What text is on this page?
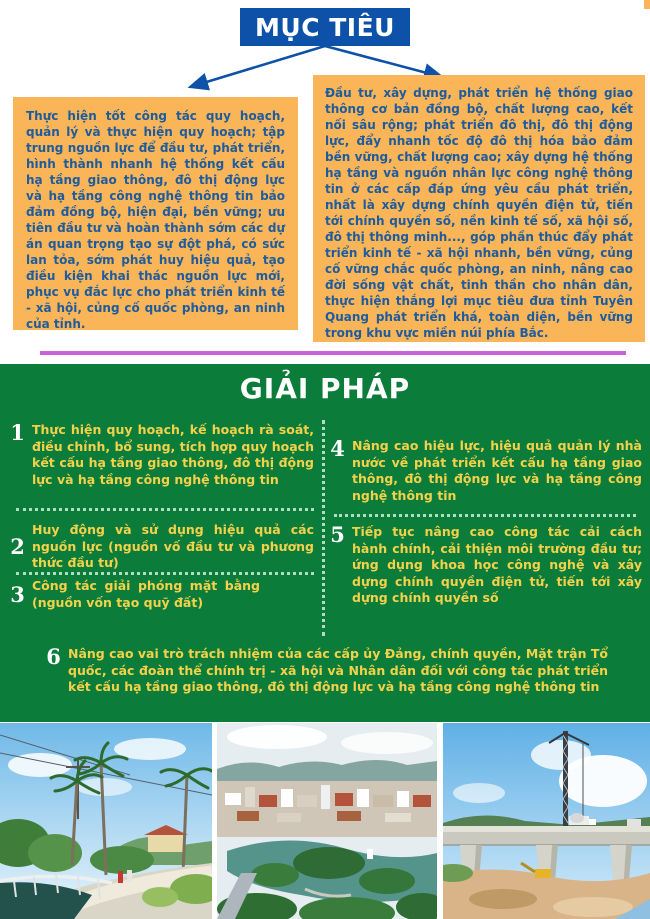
MỤC TIÊU

Thực hiện tốt công tác quy hoạch, quản lý và thực hiện quy hoạch; tập trung nguồn lực để đầu tư, phát triển, hình thành nhanh hệ thống kết cấu hạ tầng giao thông, đô thị động lực và hạ tầng công nghệ thông tin bảo đảm đồng bộ, hiện đại, bền vững; ưu tiên đầu tư và hoàn thành sớm các dự án quan trọng tạo sự đột phá, có sức lan tỏa, sớm phát huy hiệu quả, tạo điều kiện khai thác nguồn lực mới, phục vụ đắc lực cho phát triển kinh tế - xã hội, củng cố quốc phòng, an ninh của tỉnh.

Đầu tư, xây dựng, phát triển hệ thống giao thông cơ bản đồng bộ, chất lượng cao, kết nối sâu rộng; phát triển đô thị, đô thị động lực, đẩy nhanh tốc độ đô thị hóa bảo đảm bền vững, chất lượng cao; xây dựng hệ thống hạ tầng và nguồn nhân lực công nghệ thông tin ở các cấp đáp ứng yêu cầu phát triển, nhất là xây dựng chính quyền điện tử, tiến tới chính quyền số, nền kinh tế số, xã hội số, đô thị thông minh..., góp phần thúc đẩy phát triển kinh tế - xã hội nhanh, bền vững, củng cố vững chắc quốc phòng, an ninh, nâng cao đời sống vật chất, tinh thần cho nhân dân, thực hiện thắng lợi mục tiêu đưa tỉnh Tuyên Quang phát triển khá, toàn diện, bền vững trong khu vực miền núi phía Bắc.

GIẢI PHÁP
1 Thực hiện quy hoạch, kế hoạch rà soát, điều chỉnh, bổ sung, tích hợp quy hoạch kết cấu hạ tầng giao thông, đô thị động lực và hạ tầng công nghệ thông tin

2

Huy động và sử dụng hiệu quả các nguồn lực (nguồn vố đầu tư và phương thức đầu tư)

3 Công tác giải phóng mặt bằng (nguồn vốn tạo quỹ đất)

4 Nâng cao hiệu lực, hiệu quả quản lý nhà nước về phát triển kết cấu hạ tầng giao thông, đô thị động lực và hạ tầng công nghệ thông tin

5 Tiếp tục nâng cao công tác cải cách hành chính, cải thiện môi trường đầu tư; ứng dụng khoa học công nghệ và xây dựng chính quyền điện tử, tiến tới xây dựng chính quyền số

6 Nâng cao vai trò trách nhiệm của các cấp ủy Đảng, chính quyền, Mặt trận Tổ quốc, các đoàn thể chính trị - xã hội và Nhân dân đối với công tác phát triển kết cấu hạ tầng giao thông, đô thị động lực và hạ tầng công nghệ thông tin
